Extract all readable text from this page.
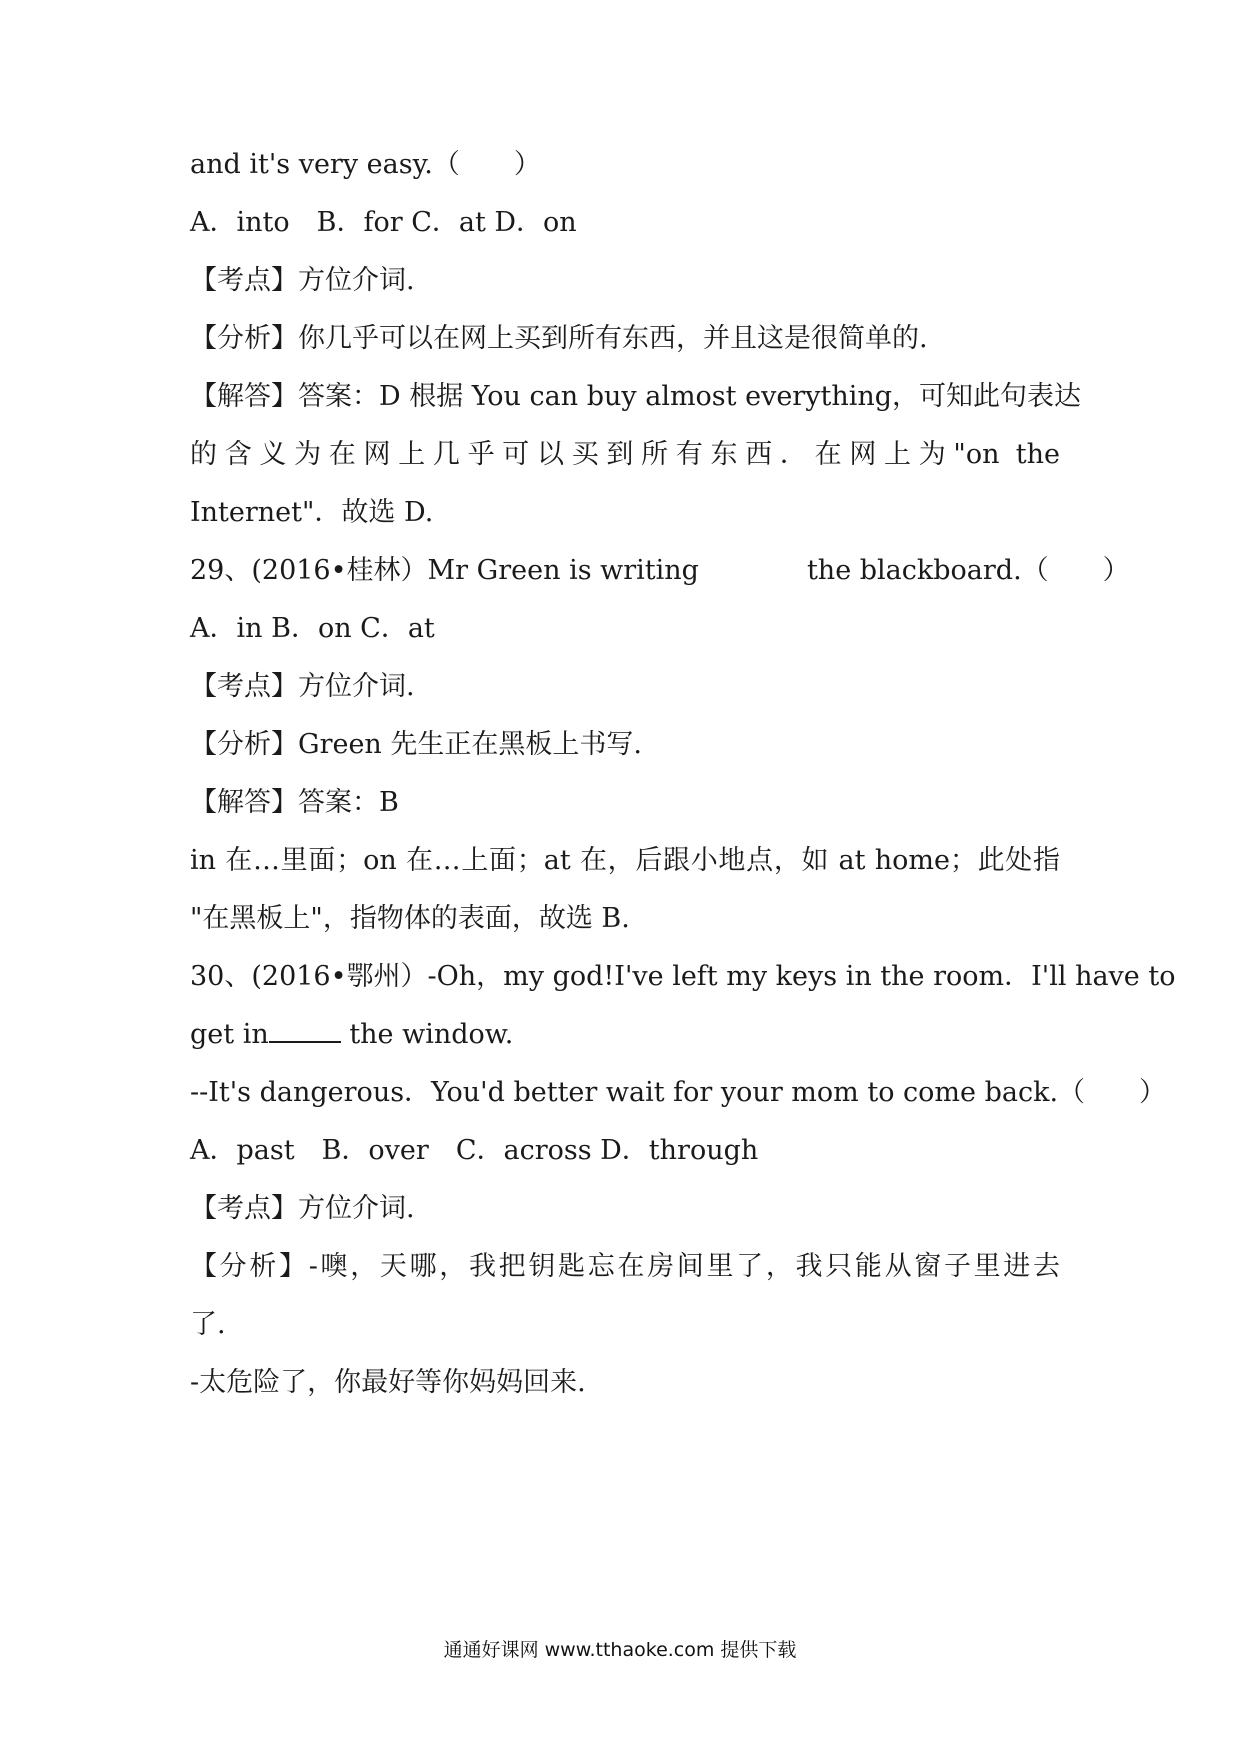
and it's very easy.（　　）
A．into　B．for C．at D．on
【考点】方位介词.
【分析】你几乎可以在网上买到所有东西，并且这是很简单的.
【解答】答案：D 根据 You can buy almost everything，可知此句表达
的含义为在网上几乎可以买到所有东西．在网上为"on the
Internet"．故选 D.
29、(2016•桂林）Mr Green is writing　　　　the blackboard.（　　）
A．in B．on C．at
【考点】方位介词.
【分析】Green 先生正在黑板上书写.
【解答】答案：B
in 在…里面；on 在…上面；at 在，后跟小地点，如 at home；此处指
"在黑板上"，指物体的表面，故选 B.
30、(2016•鄂州）-Oh，my god!I've left my keys in the room．I'll have to
get in	the window.
--It's dangerous．You'd better wait for your mom to come back.（　　）
A．past　B．over　C．across D．through
【考点】方位介词.
【分析】-噢，天哪，我把钥匙忘在房间里了，我只能从窗子里进去
了.
-太危险了，你最好等你妈妈回来.
通通好课网 www.tthaoke.com 提供下载
